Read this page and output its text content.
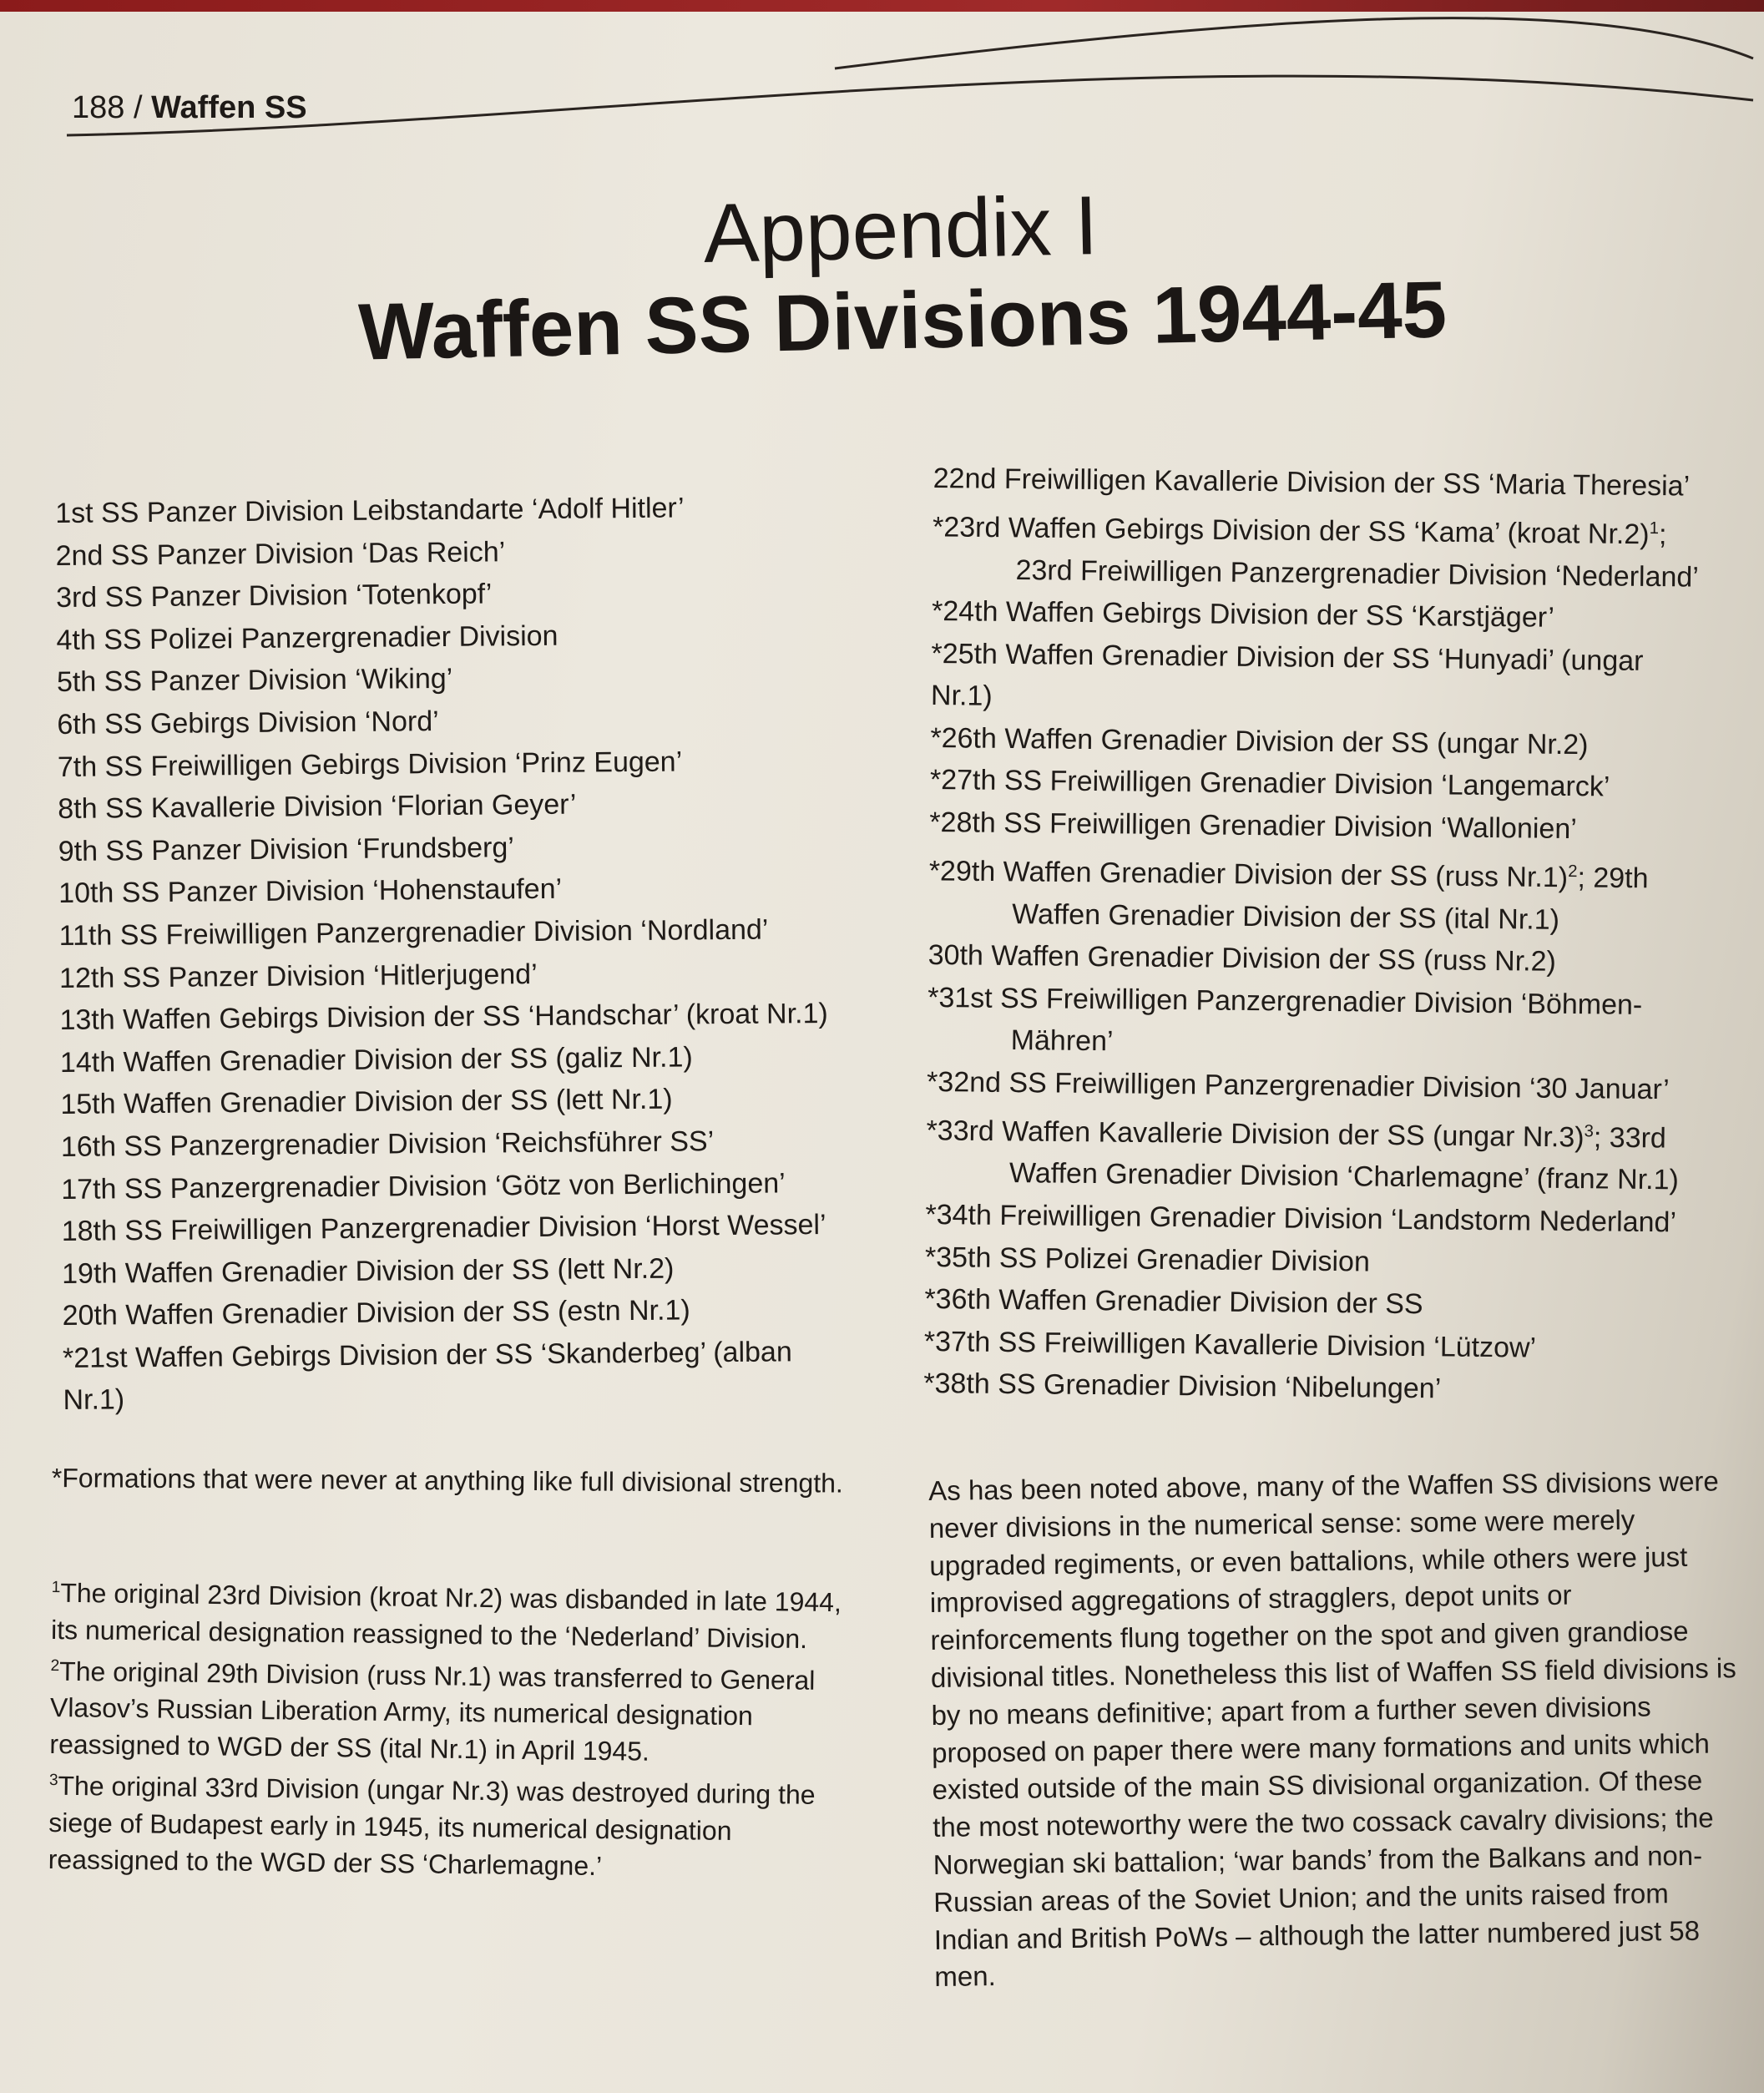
188 / Waffen SS
Appendix I
Waffen SS Divisions 1944-45
1st SS Panzer Division Leibstandarte ‘Adolf Hitler’
2nd SS Panzer Division ‘Das Reich’
3rd SS Panzer Division ‘Totenkopf’
4th SS Polizei Panzergrenadier Division
5th SS Panzer Division ‘Wiking’
6th SS Gebirgs Division ‘Nord’
7th SS Freiwilligen Gebirgs Division ‘Prinz Eugen’
8th SS Kavallerie Division ‘Florian Geyer’
9th SS Panzer Division ‘Frundsberg’
10th SS Panzer Division ‘Hohenstaufen’
11th SS Freiwilligen Panzergrenadier Division ‘Nordland’
12th SS Panzer Division ‘Hitlerjugend’
13th Waffen Gebirgs Division der SS ‘Handschar’ (kroat Nr.1)
14th Waffen Grenadier Division der SS (galiz Nr.1)
15th Waffen Grenadier Division der SS (lett Nr.1)
16th SS Panzergrenadier Division ‘Reichsführer SS’
17th SS Panzergrenadier Division ‘Götz von Berlichingen’
18th SS Freiwilligen Panzergrenadier Division ‘Horst Wessel’
19th Waffen Grenadier Division der SS (lett Nr.2)
20th Waffen Grenadier Division der SS (estn Nr.1)
*21st Waffen Gebirgs Division der SS ‘Skanderbeg’ (alban Nr.1)
22nd Freiwilligen Kavallerie Division der SS ‘Maria Theresia’
*23rd Waffen Gebirgs Division der SS ‘Kama’ (kroat Nr.2)$^1$;
23rd Freiwilligen Panzergrenadier Division ‘Nederland’
*24th Waffen Gebirgs Division der SS ‘Karstjäger’
*25th Waffen Grenadier Division der SS ‘Hunyadi’ (ungar Nr.1)
*26th Waffen Grenadier Division der SS (ungar Nr.2)
*27th SS Freiwilligen Grenadier Division ‘Langemarck’
*28th SS Freiwilligen Grenadier Division ‘Wallonien’
*29th Waffen Grenadier Division der SS (russ Nr.1)$^2$; 29th
Waffen Grenadier Division der SS (ital Nr.1)
30th Waffen Grenadier Division der SS (russ Nr.2)
*31st SS Freiwilligen Panzergrenadier Division ‘Böhmen-
Mähren’
*32nd SS Freiwilligen Panzergrenadier Division ‘30 Januar’
*33rd Waffen Kavallerie Division der SS (ungar Nr.3)$^3$; 33rd
Waffen Grenadier Division ‘Charlemagne’ (franz Nr.1)
*34th Freiwilligen Grenadier Division ‘Landstorm Nederland’
*35th SS Polizei Grenadier Division
*36th Waffen Grenadier Division der SS
*37th SS Freiwilligen Kavallerie Division ‘Lützow’
*38th SS Grenadier Division ‘Nibelungen’
*Formations that were never at anything like full divisional strength.
$^1$The original 23rd Division (kroat Nr.2) was disbanded in late 1944, its numerical designation reassigned to the ‘Nederland’ Division.
$^2$The original 29th Division (russ Nr.1) was transferred to General Vlasov’s Russian Liberation Army, its numerical designation reassigned to WGD der SS (ital Nr.1) in April 1945.
$^3$The original 33rd Division (ungar Nr.3) was destroyed during the siege of Budapest early in 1945, its numerical designation reassigned to the WGD der SS ‘Charlemagne.’
As has been noted above, many of the Waffen SS divisions were never divisions in the numerical sense: some were merely upgraded regiments, or even battalions, while others were just improvised aggregations of stragglers, depot units or reinforcements flung together on the spot and given grandiose divisional titles. Nonetheless this list of Waffen SS field divisions is by no means definitive; apart from a further seven divisions proposed on paper there were many formations and units which existed outside of the main SS divisional organization. Of these the most noteworthy were the two cossack cavalry divisions; the Norwegian ski battalion; ‘war bands’ from the Balkans and non-Russian areas of the Soviet Union; and the units raised from Indian and British PoWs – although the latter numbered just 58 men.
